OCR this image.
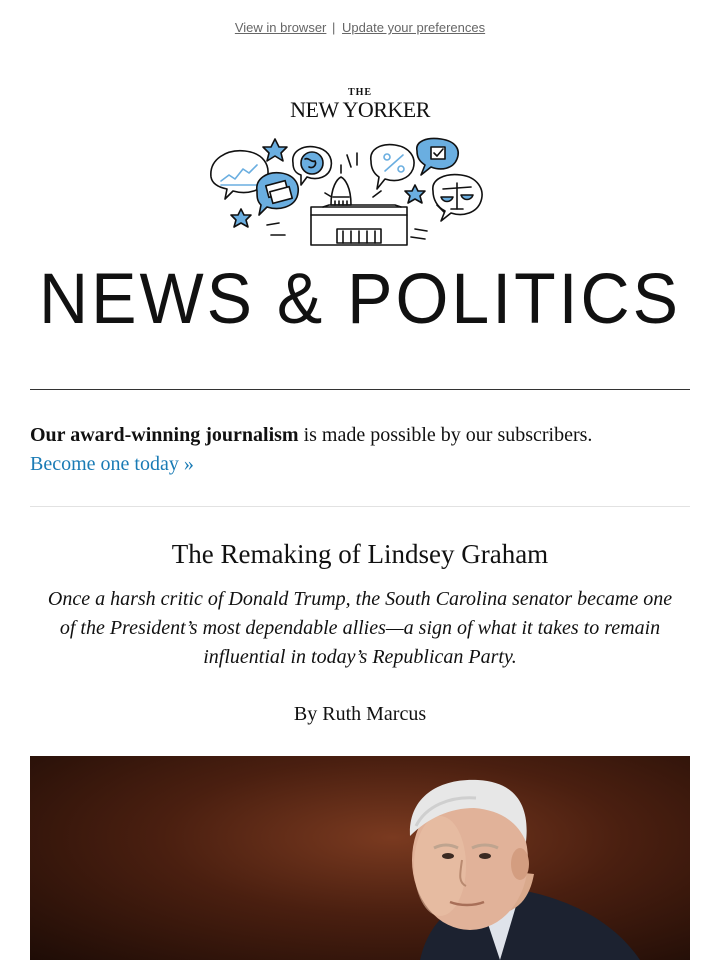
View in browser | Update your preferences
THE
NEW YORKER
NEWS & POLITICS
Our award-winning journalism is made possible by our subscribers.
Become one today »
The Remaking of Lindsey Graham
Once a harsh critic of Donald Trump, the South Carolina senator became one of the President’s most dependable allies—a sign of what it takes to remain influential in today’s Republican Party.
By Ruth Marcus
